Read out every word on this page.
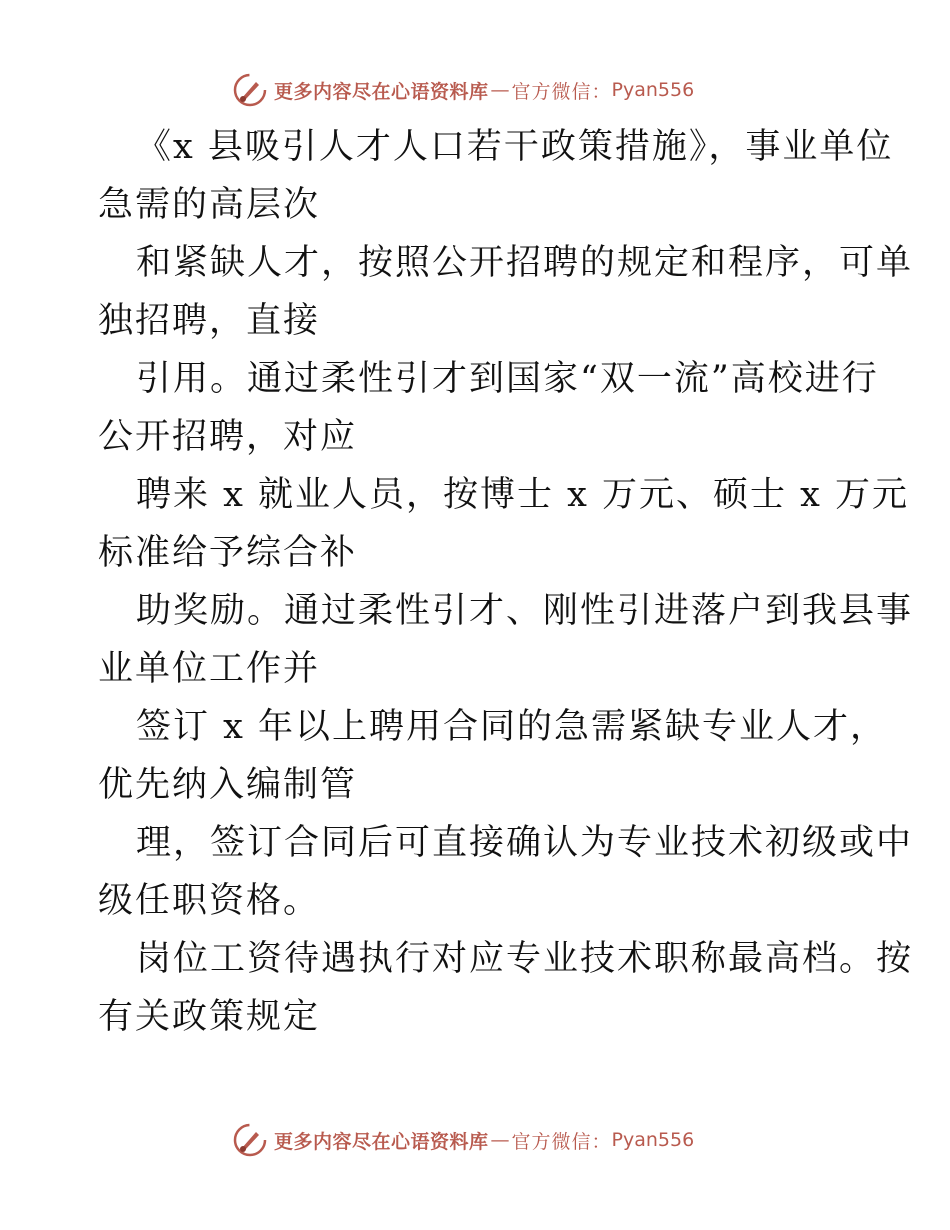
更多内容尽在心语资料库 — 官方微信： Pyan556
《x 县吸引人才人口若干政策措施》，事业单位
急需的高层次
和紧缺人才，按照公开招聘的规定和程序，可单
独招聘，直接
引用。通过柔性引才到国家“双一流”高校进行
公开招聘，对应
聘来 x 就业人员，按博士 x 万元、硕士 x 万元
标准给予综合补
助奖励。通过柔性引才、刚性引进落户到我县事
业单位工作并
签订 x 年以上聘用合同的急需紧缺专业人才，
优先纳入编制管
理，签订合同后可直接确认为专业技术初级或中
级任职资格。
岗位工资待遇执行对应专业技术职称最高档。按
有关政策规定
更多内容尽在心语资料库 — 官方微信： Pyan556
